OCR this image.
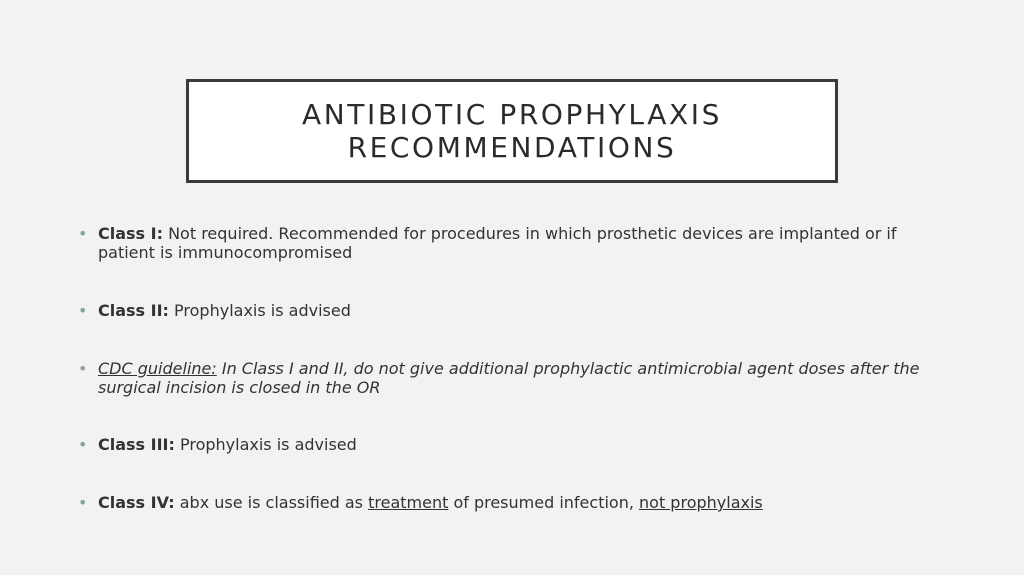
ANTIBIOTIC PROPHYLAXIS
RECOMMENDATIONS
• Class I: Not required. Recommended for procedures in which prosthetic devices are implanted or if patient is immunocompromised
• Class II: Prophylaxis is advised
• CDC guideline: In Class I and II, do not give additional prophylactic antimicrobial agent doses after the surgical incision is closed in the OR
• Class III: Prophylaxis is advised
• Class IV: abx use is classified as treatment of presumed infection, not prophylaxis
